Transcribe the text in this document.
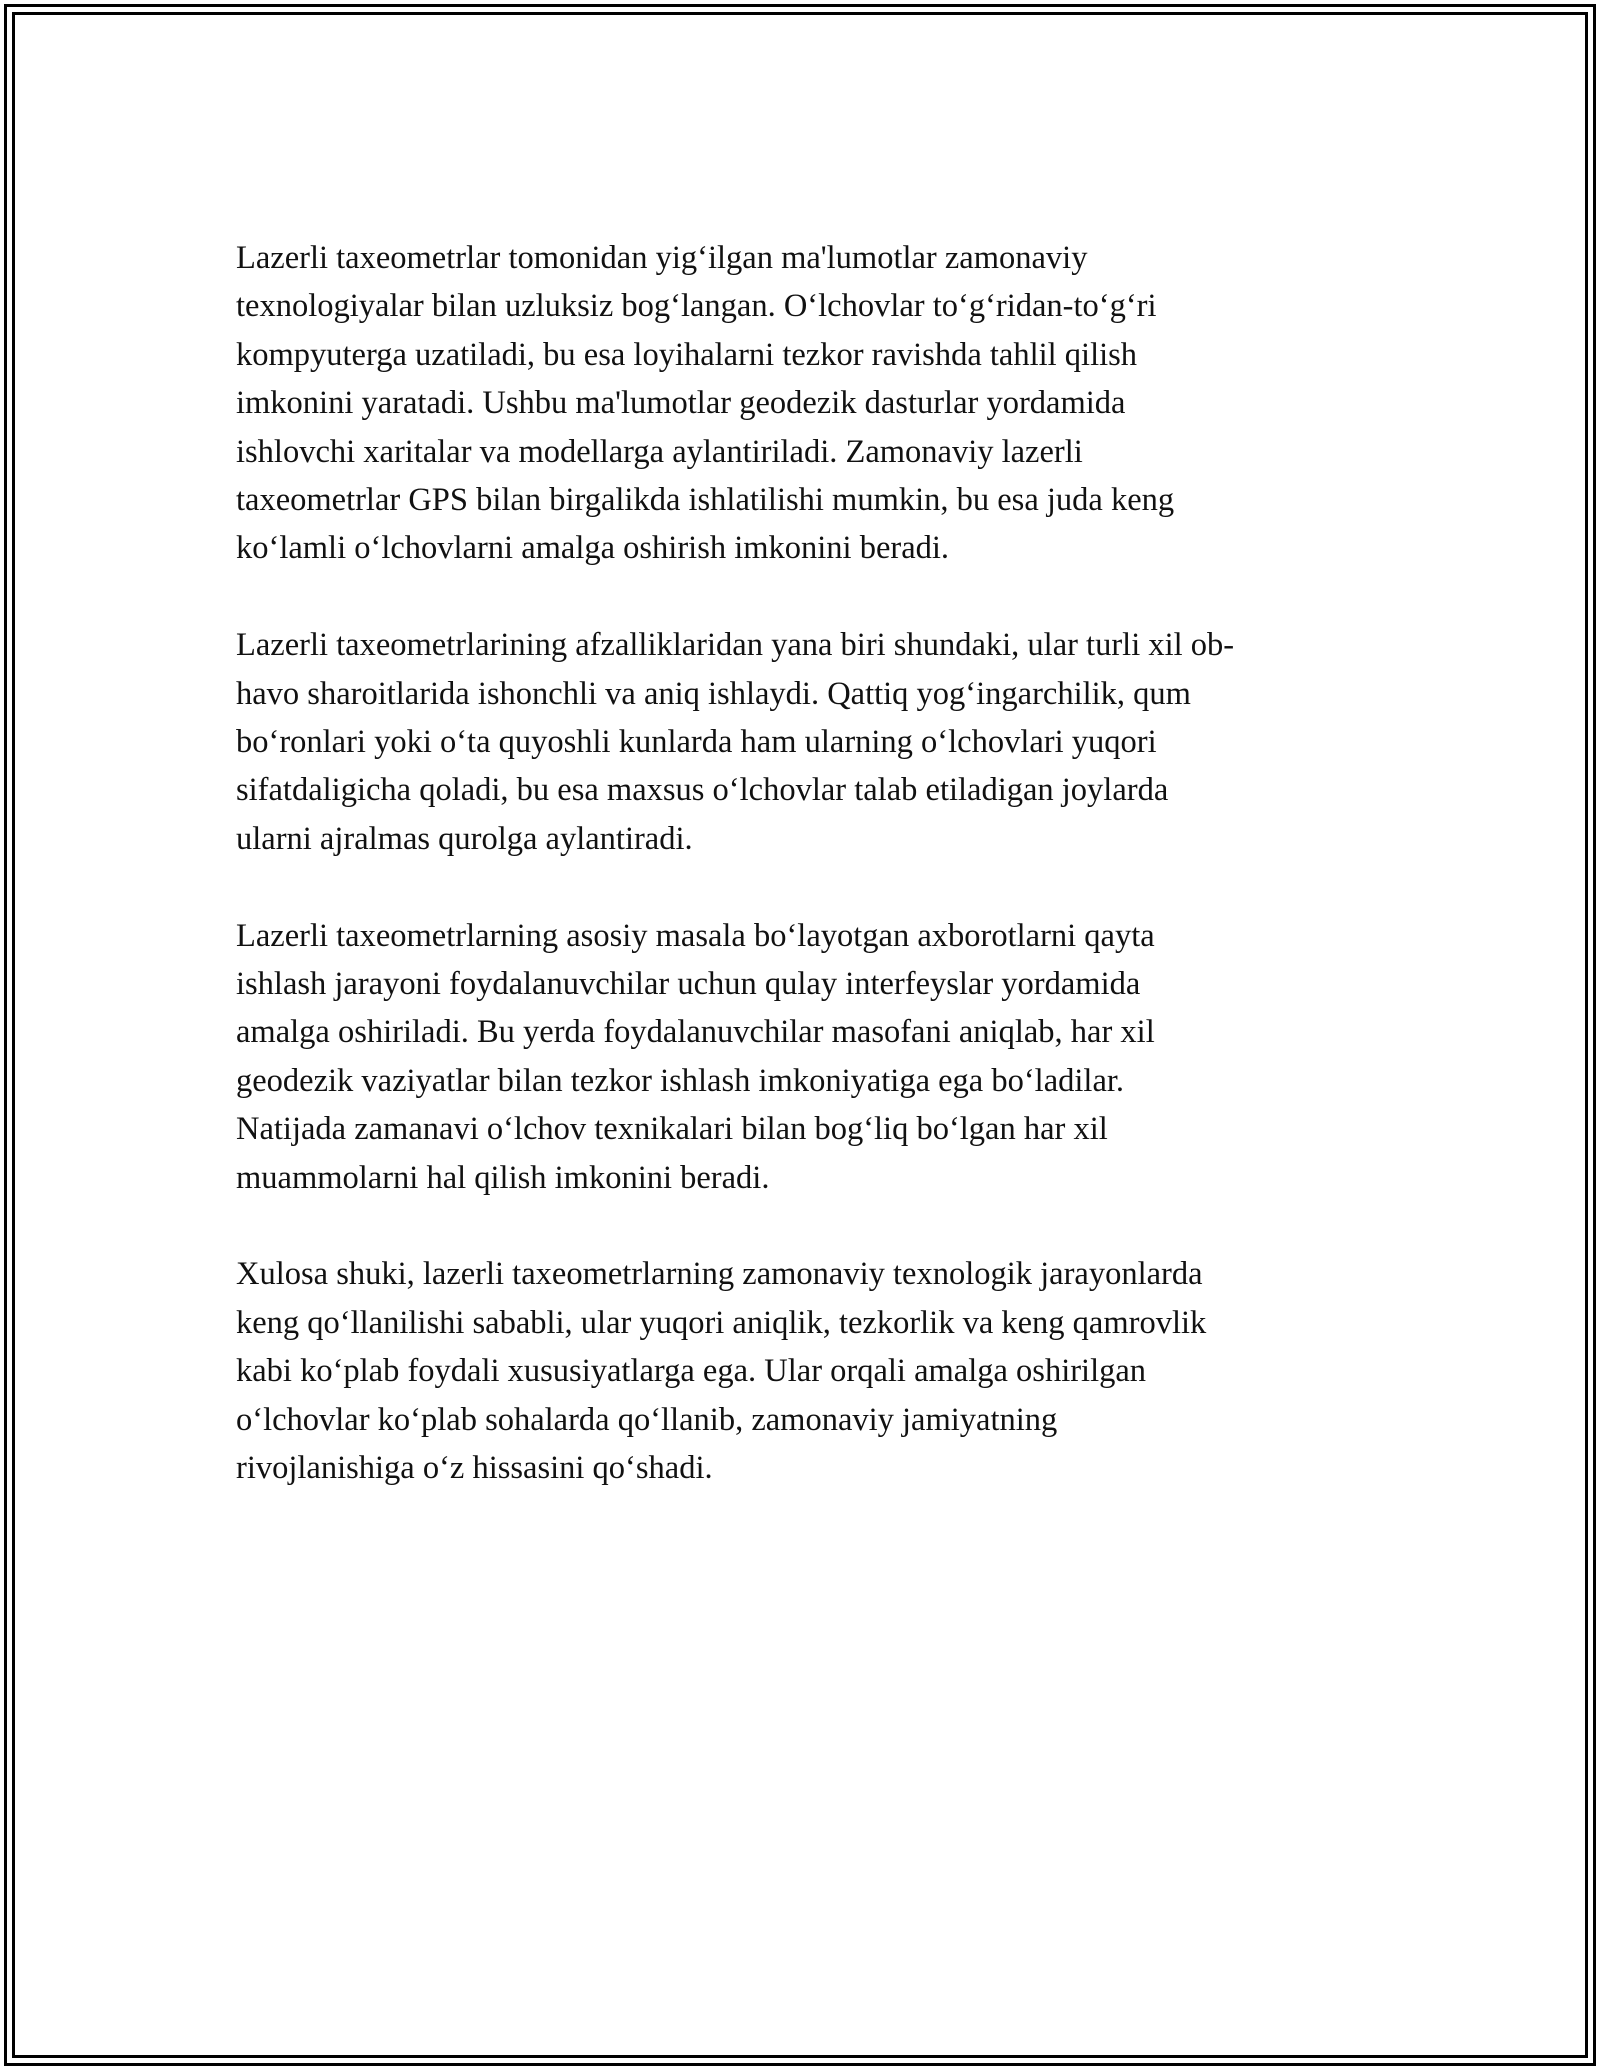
Lazerli taxeometrlar tomonidan yig‘ilgan ma'lumotlar zamonaviy
texnologiyalar bilan uzluksiz bog‘langan. O‘lchovlar to‘g‘ridan-to‘g‘ri
kompyuterga uzatiladi, bu esa loyihalarni tezkor ravishda tahlil qilish
imkonini yaratadi. Ushbu ma'lumotlar geodezik dasturlar yordamida
ishlovchi xaritalar va modellarga aylantiriladi. Zamonaviy lazerli
taxeometrlar GPS bilan birgalikda ishlatilishi mumkin, bu esa juda keng
ko‘lamli o‘lchovlarni amalga oshirish imkonini beradi.

Lazerli taxeometrlarining afzalliklaridan yana biri shundaki, ular turli xil ob-
havo sharoitlarida ishonchli va aniq ishlaydi. Qattiq yog‘ingarchilik, qum
bo‘ronlari yoki o‘ta quyoshli kunlarda ham ularning o‘lchovlari yuqori
sifatdaligicha qoladi, bu esa maxsus o‘lchovlar talab etiladigan joylarda
ularni ajralmas qurolga aylantiradi.

Lazerli taxeometrlarning asosiy masala bo‘layotgan axborotlarni qayta
ishlash jarayoni foydalanuvchilar uchun qulay interfeyslar yordamida
amalga oshiriladi. Bu yerda foydalanuvchilar masofani aniqlab, har xil
geodezik vaziyatlar bilan tezkor ishlash imkoniyatiga ega bo‘ladilar.
Natijada zamanavi o‘lchov texnikalari bilan bog‘liq bo‘lgan har xil
muammolarni hal qilish imkonini beradi.

Xulosa shuki, lazerli taxeometrlarning zamonaviy texnologik jarayonlarda
keng qo‘llanilishi sababli, ular yuqori aniqlik, tezkorlik va keng qamrovlik
kabi ko‘plab foydali xususiyatlarga ega. Ular orqali amalga oshirilgan
o‘lchovlar ko‘plab sohalarda qo‘llanib, zamonaviy jamiyatning
rivojlanishiga o‘z hissasini qo‘shadi.
